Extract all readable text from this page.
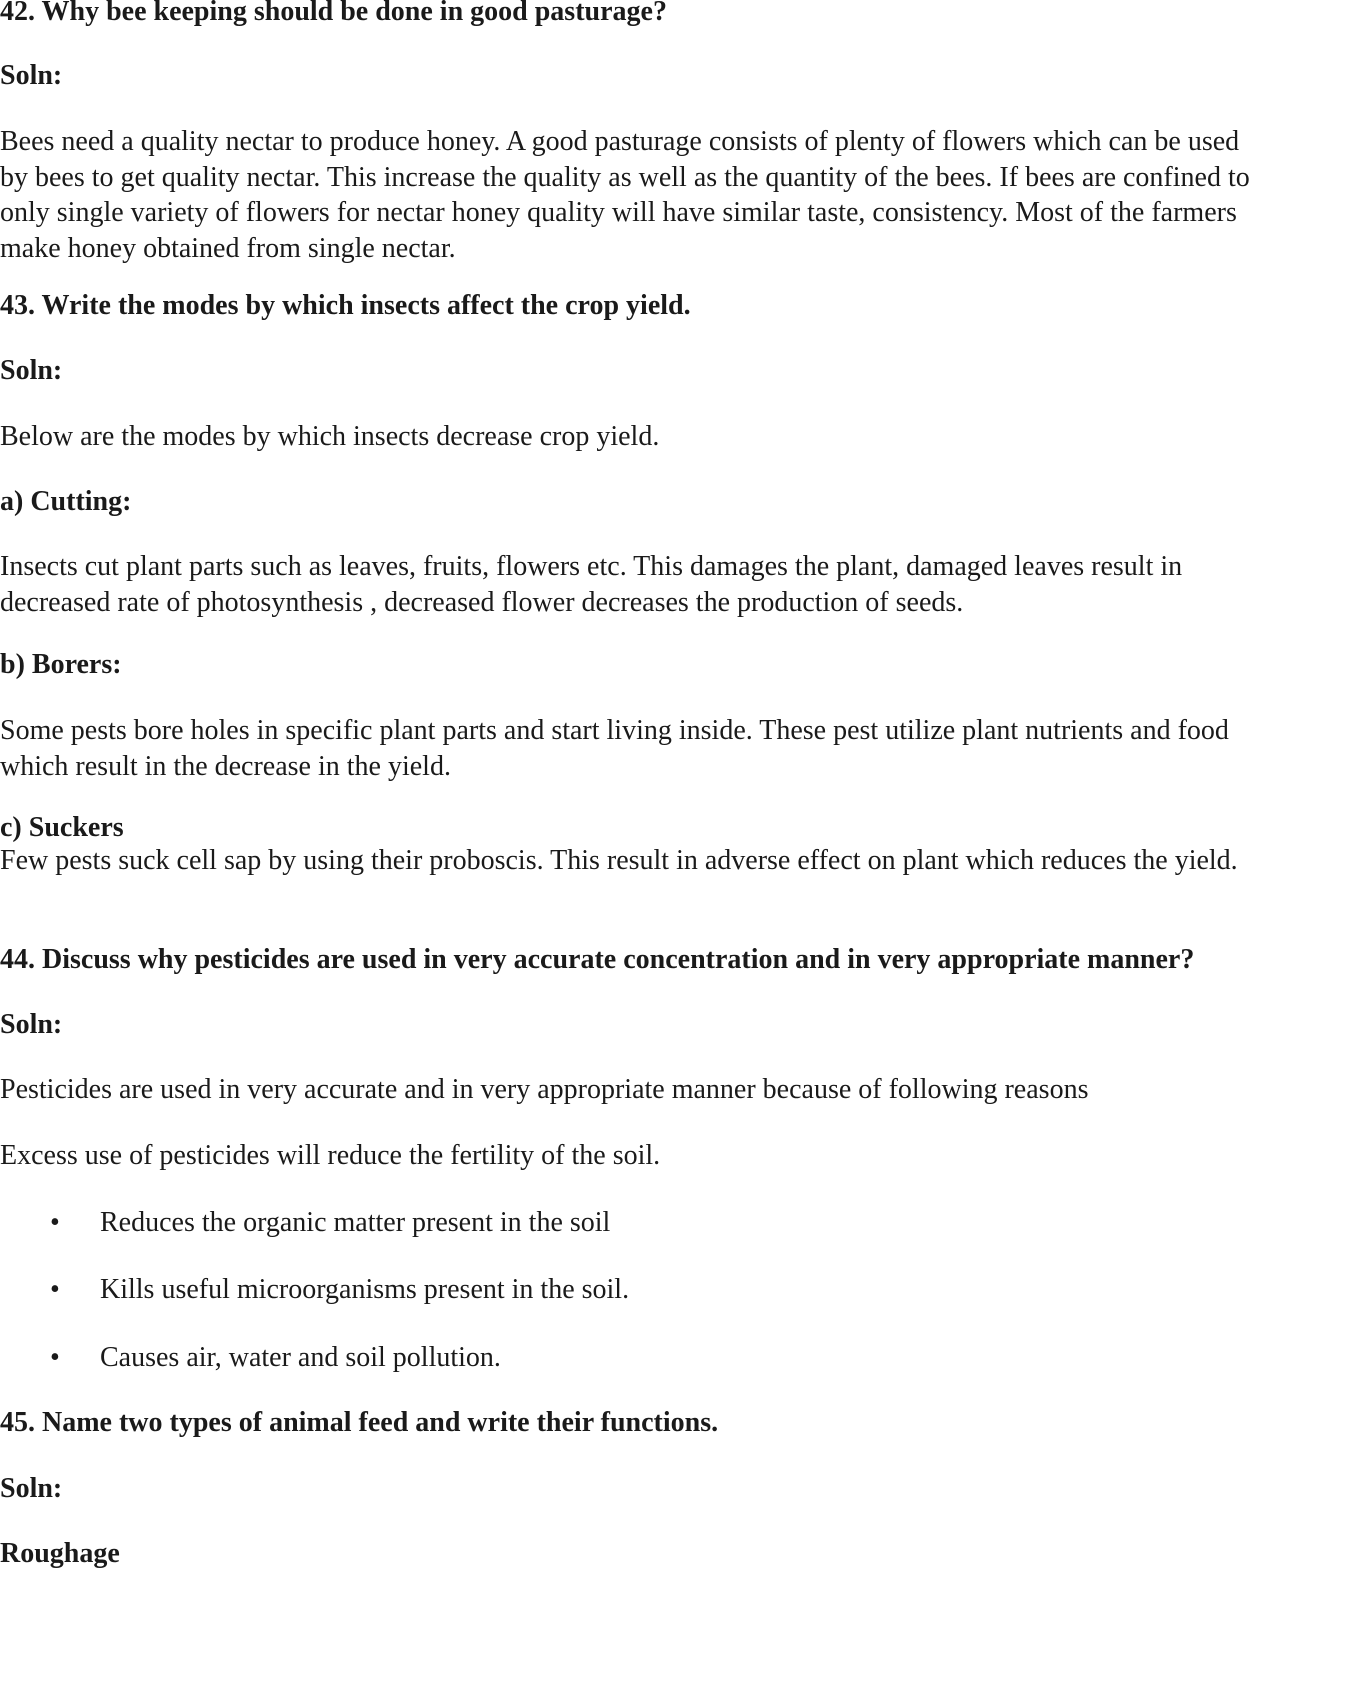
42. Why bee keeping should be done in good pasturage?

Soln:

Bees need a quality nectar to produce honey. A good pasturage consists of plenty of flowers which can be used
by bees to get quality nectar. This increase the quality as well as the quantity of the bees. If bees are confined to
only single variety of flowers for nectar honey quality will have similar taste, consistency. Most of the farmers
make honey obtained from single nectar.

43. Write the modes by which insects affect the crop yield.

Soln:

Below are the modes by which insects decrease crop yield.

a) Cutting:

Insects cut plant parts such as leaves, fruits, flowers etc. This damages the plant, damaged leaves result in
decreased rate of photosynthesis , decreased flower decreases the production of seeds.

b) Borers:

Some pests bore holes in specific plant parts and start living inside. These pest utilize plant nutrients and food
which result in the decrease in the yield.

c) Suckers

Few pests suck cell sap by using their proboscis. This result in adverse effect on plant which reduces the yield.

44. Discuss why pesticides are used in very accurate concentration and in very appropriate manner?

Soln:

Pesticides are used in very accurate and in very appropriate manner because of following reasons

Excess use of pesticides will reduce the fertility of the soil.

• Reduces the organic matter present in the soil
• Kills useful microorganisms present in the soil.
• Causes air, water and soil pollution.

45. Name two types of animal feed and write their functions.

Soln:

Roughage
